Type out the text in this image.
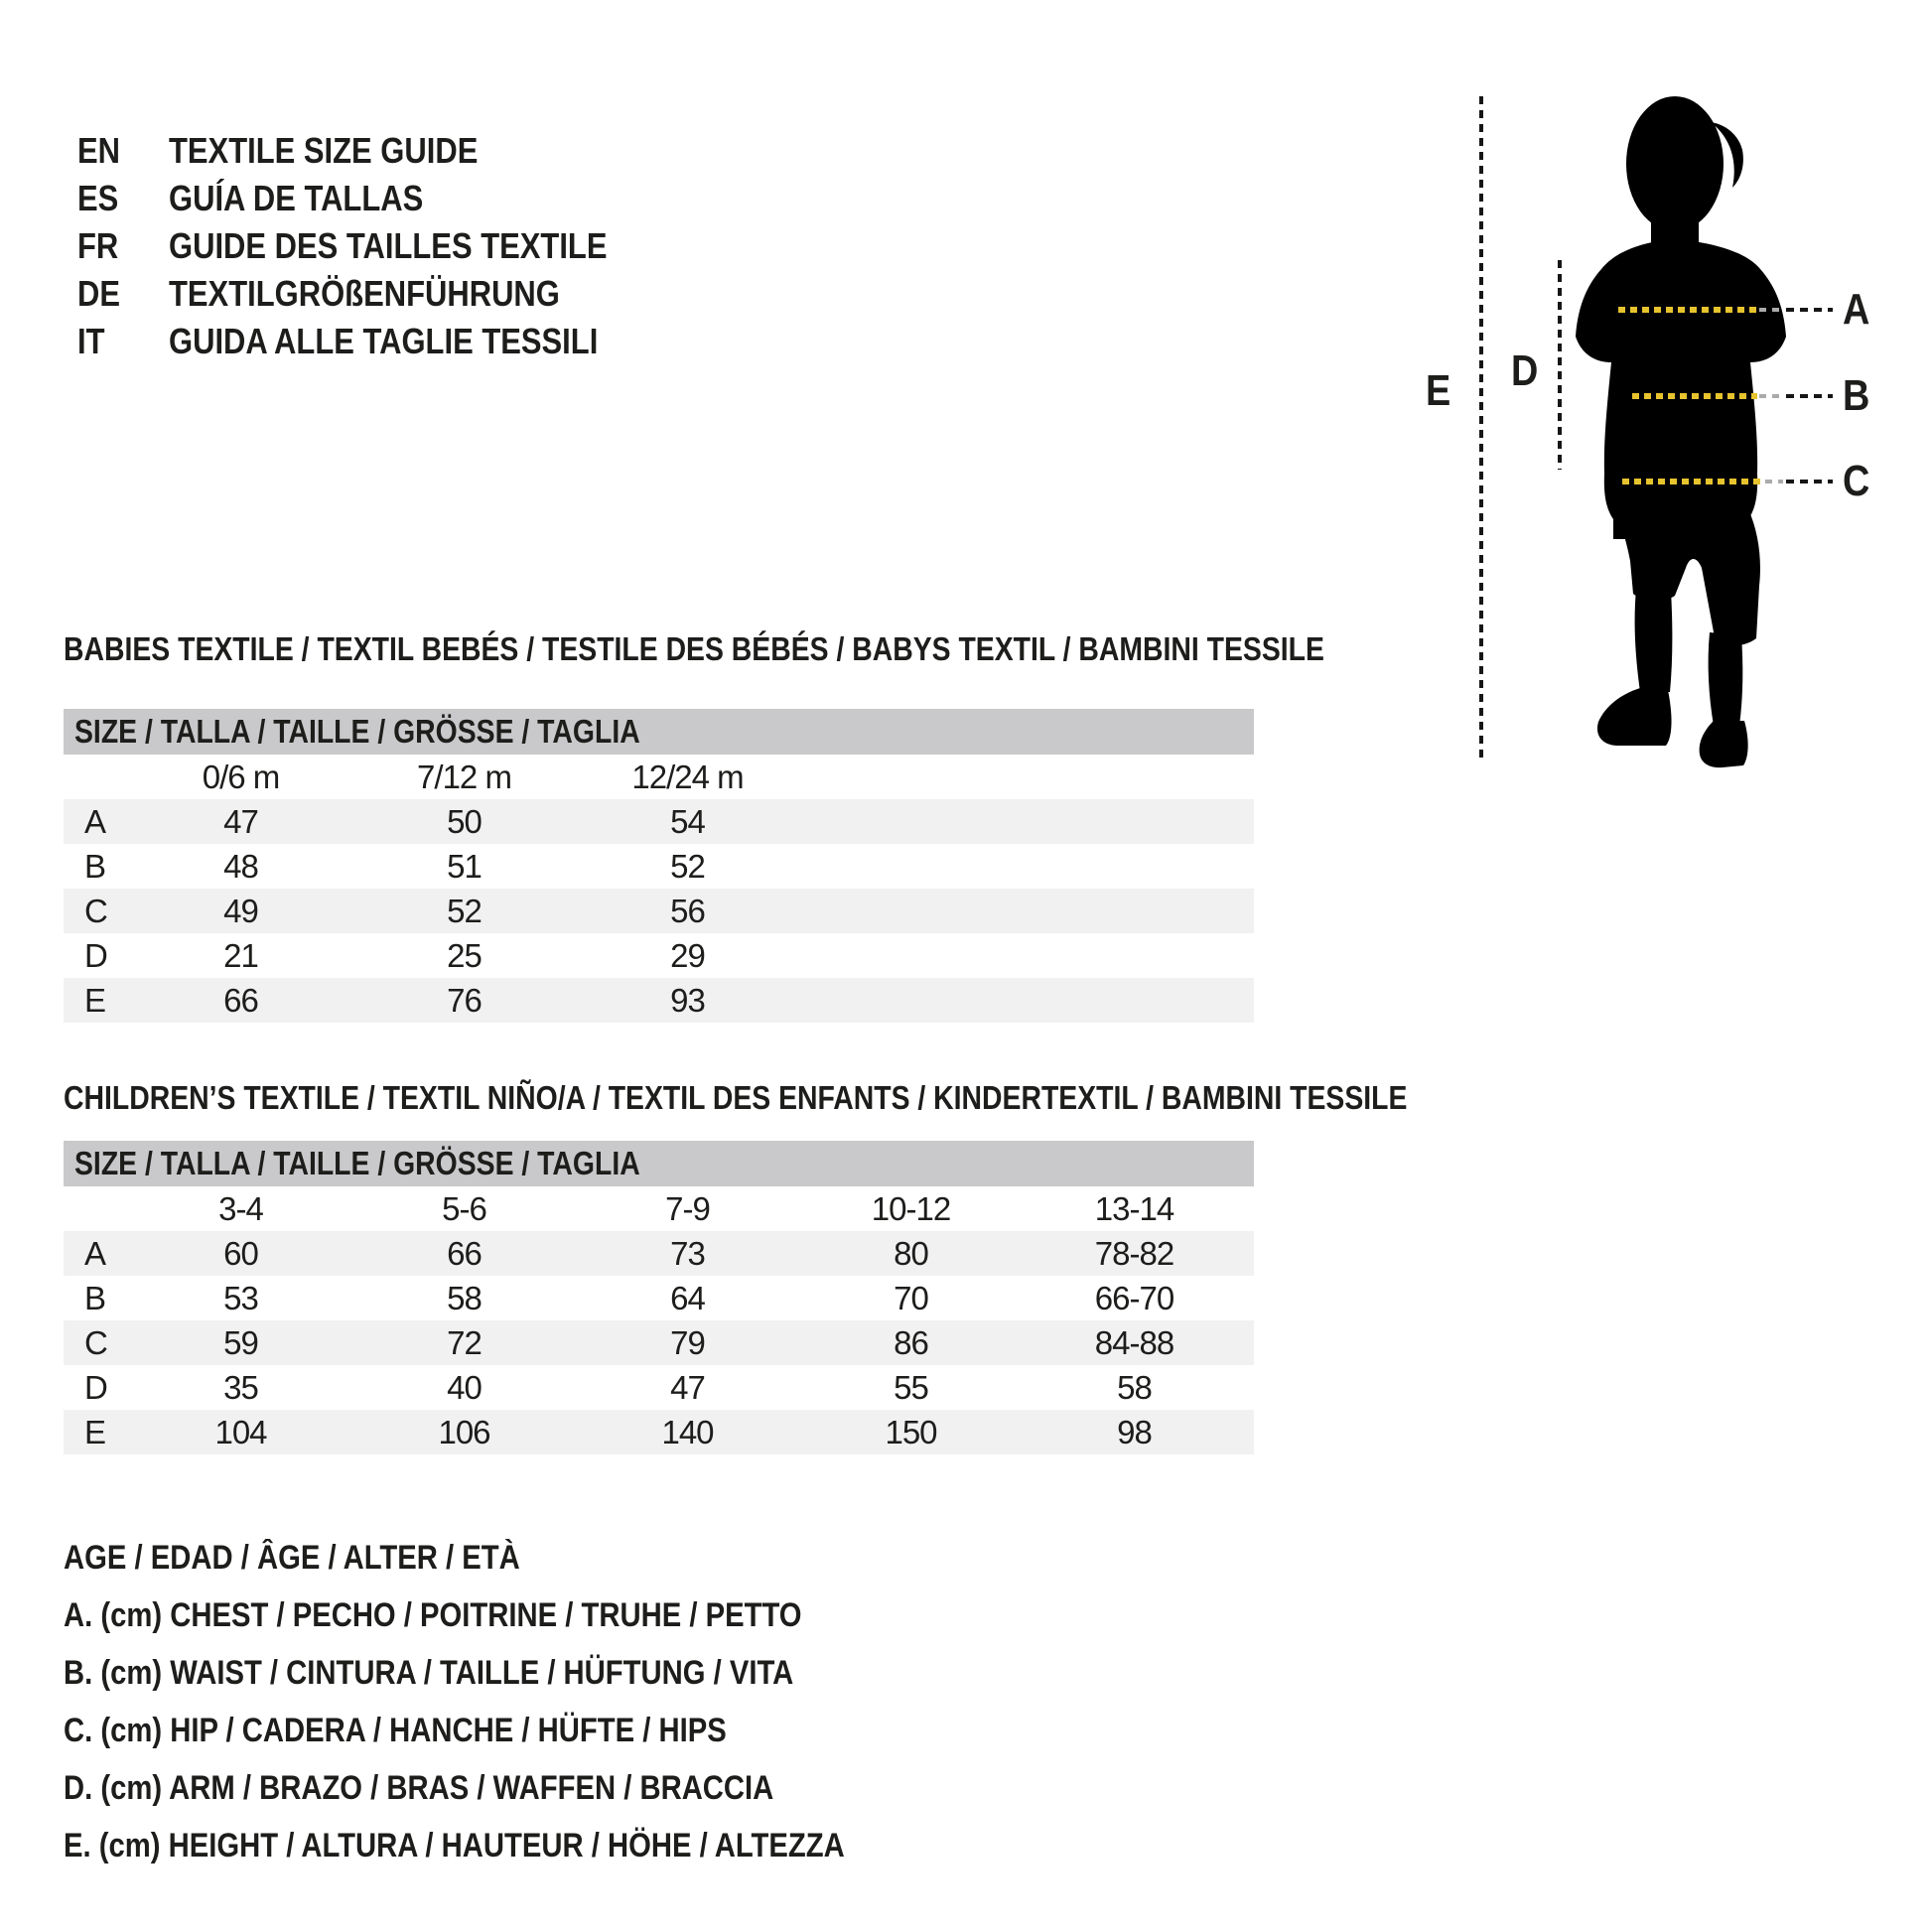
EN TEXTILE SIZE GUIDE
ES GUÍA DE TALLAS
FR GUIDE DES TAILLES TEXTILE
DE TEXTILGRÖßENFÜHRUNG
IT GUIDA ALLE TAGLIE TESSILI
E D
A
B
C
BABIES TEXTILE / TEXTIL BEBÉS / TESTILE DES BÉBÉS / BABYS TEXTIL / BAMBINI TESSILE
SIZE / TALLA / TAILLE / GRÖSSE / TAGLIA
	0/6 m	7/12 m	12/24 m	
A	47	50	54	
B	48	51	52	
C	49	52	56	
D	21	25	29	
E	66	76	93	
CHILDREN’S TEXTILE / TEXTIL NIÑO/A / TEXTIL DES ENFANTS / KINDERTEXTIL / BAMBINI TESSILE
SIZE / TALLA / TAILLE / GRÖSSE / TAGLIA
	3-4	5-6	7-9	10-12	13-14	
A	60	66	73	80	78-82	
B	53	58	64	70	66-70	
C	59	72	79	86	84-88	
D	35	40	47	55	58	
E	104	106	140	150	98	
AGE / EDAD / ÂGE / ALTER / ETÀ
A. (cm) CHEST / PECHO / POITRINE / TRUHE / PETTO
B. (cm) WAIST / CINTURA / TAILLE / HÜFTUNG / VITA
C. (cm) HIP / CADERA / HANCHE / HÜFTE / HIPS
D. (cm) ARM / BRAZO / BRAS / WAFFEN / BRACCIA
E. (cm) HEIGHT / ALTURA / HAUTEUR / HÖHE / ALTEZZA
